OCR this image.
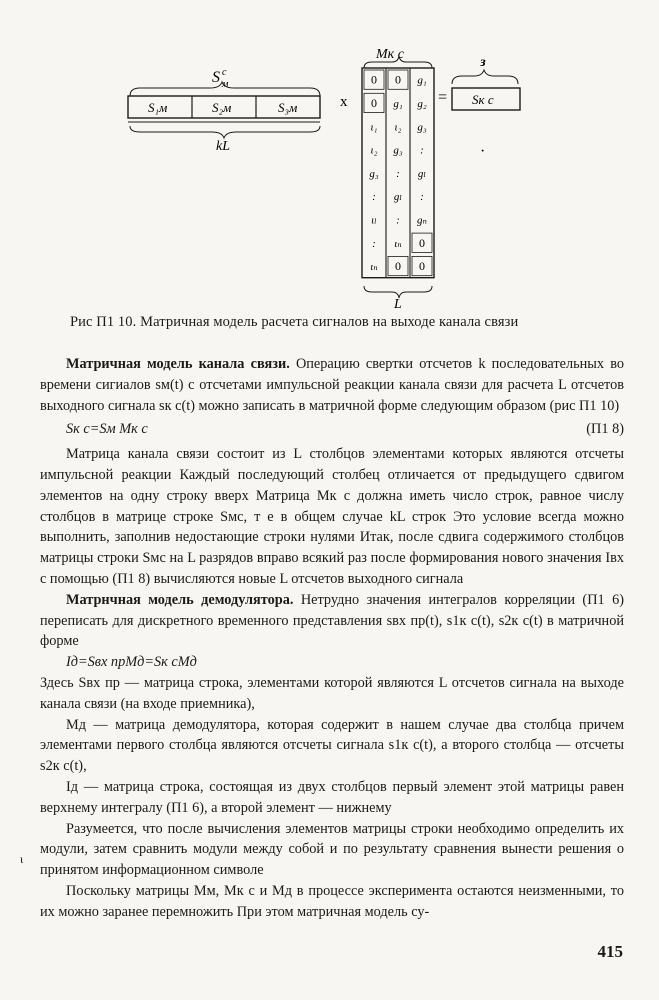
S c
м
S₁м	S₂м	S₃м
kL
x
Mк с
0 0 g₁
0 g₁ g₂
ι₁ ι₂ g₃
ι₂ g₃ :
g₃ : gₗ
: gₗ :
ιₗ : gₙ
: ιₙ 0
ιₙ 0 0
L
=
ɜ
Sк с
·
Рис П1 10. Матричная модель расчета сигналов на выходе канала связи

Матричная модель канала связи. Операцию свертки отсчетов k последовательных во времени сигиалов sм(t) с отсчетами импульсной реакции канала связи для расчета L отсчетов выходного сигнала sк с(t) можно записать в матричной форме следующим образом (рис П1 10)

Sк с=Sм Mк с	(П1 8)

Матрица канала связи состоит из L столбцов элементами которых являются отсчеты импульсной реакции Каждый последующий столбец отличается от предыдущего сдвигом элементов на одну строку вверх Матрица Mк с должна иметь число строк, равное числу столбцов в матрице строке Sмc, т е в общем случае kL строк Это условие всегда можно выполнить, заполнив недостающие строки нулями Итак, после сдвига содержимого столбцов матрицы строки Sмc на L разрядов вправо всякий раз после формирования нового значения Iвх с помощью (П1 8) вычисляются новые L отсчетов выходного сигнала

Матрнчная модель демодулятора. Нетрудно значения интегралов корреляции (П1 6) переписать для дискретного временного представления sвх пр(t), s1к с(t), s2к с(t) в матричной форме

Iд=Sвх прMд=Sк сMд

Здесь Sвх пр — матрица строка, элементами которой являются L отсчетов сигнала на выходе канала связи (на входе приемника),

Mд — матрица демодулятора, которая содержит в нашем случае два столбца причем элементами первого столбца являются отсчеты сигнала s1к с(t), а второго столбца — отсчеты s2к с(t),

Iд — матрица строка, состоящая из двух столбцов первый элемент этой матрицы равен верхнему интегралу (П1 6), а второй элемент — нижнему

Разумеется, что после вычисления элементов матрицы строки необходимо определить их модули, затем сравнить модули между собой и по результату сравнения вынести решения о принятом информационном символе

Поскольку матрицы Mм, Mк с и Mд в процессе эксперимента остаются неизменными, то их можно заранее перемножить При этом матричная модель су-

ι
415
